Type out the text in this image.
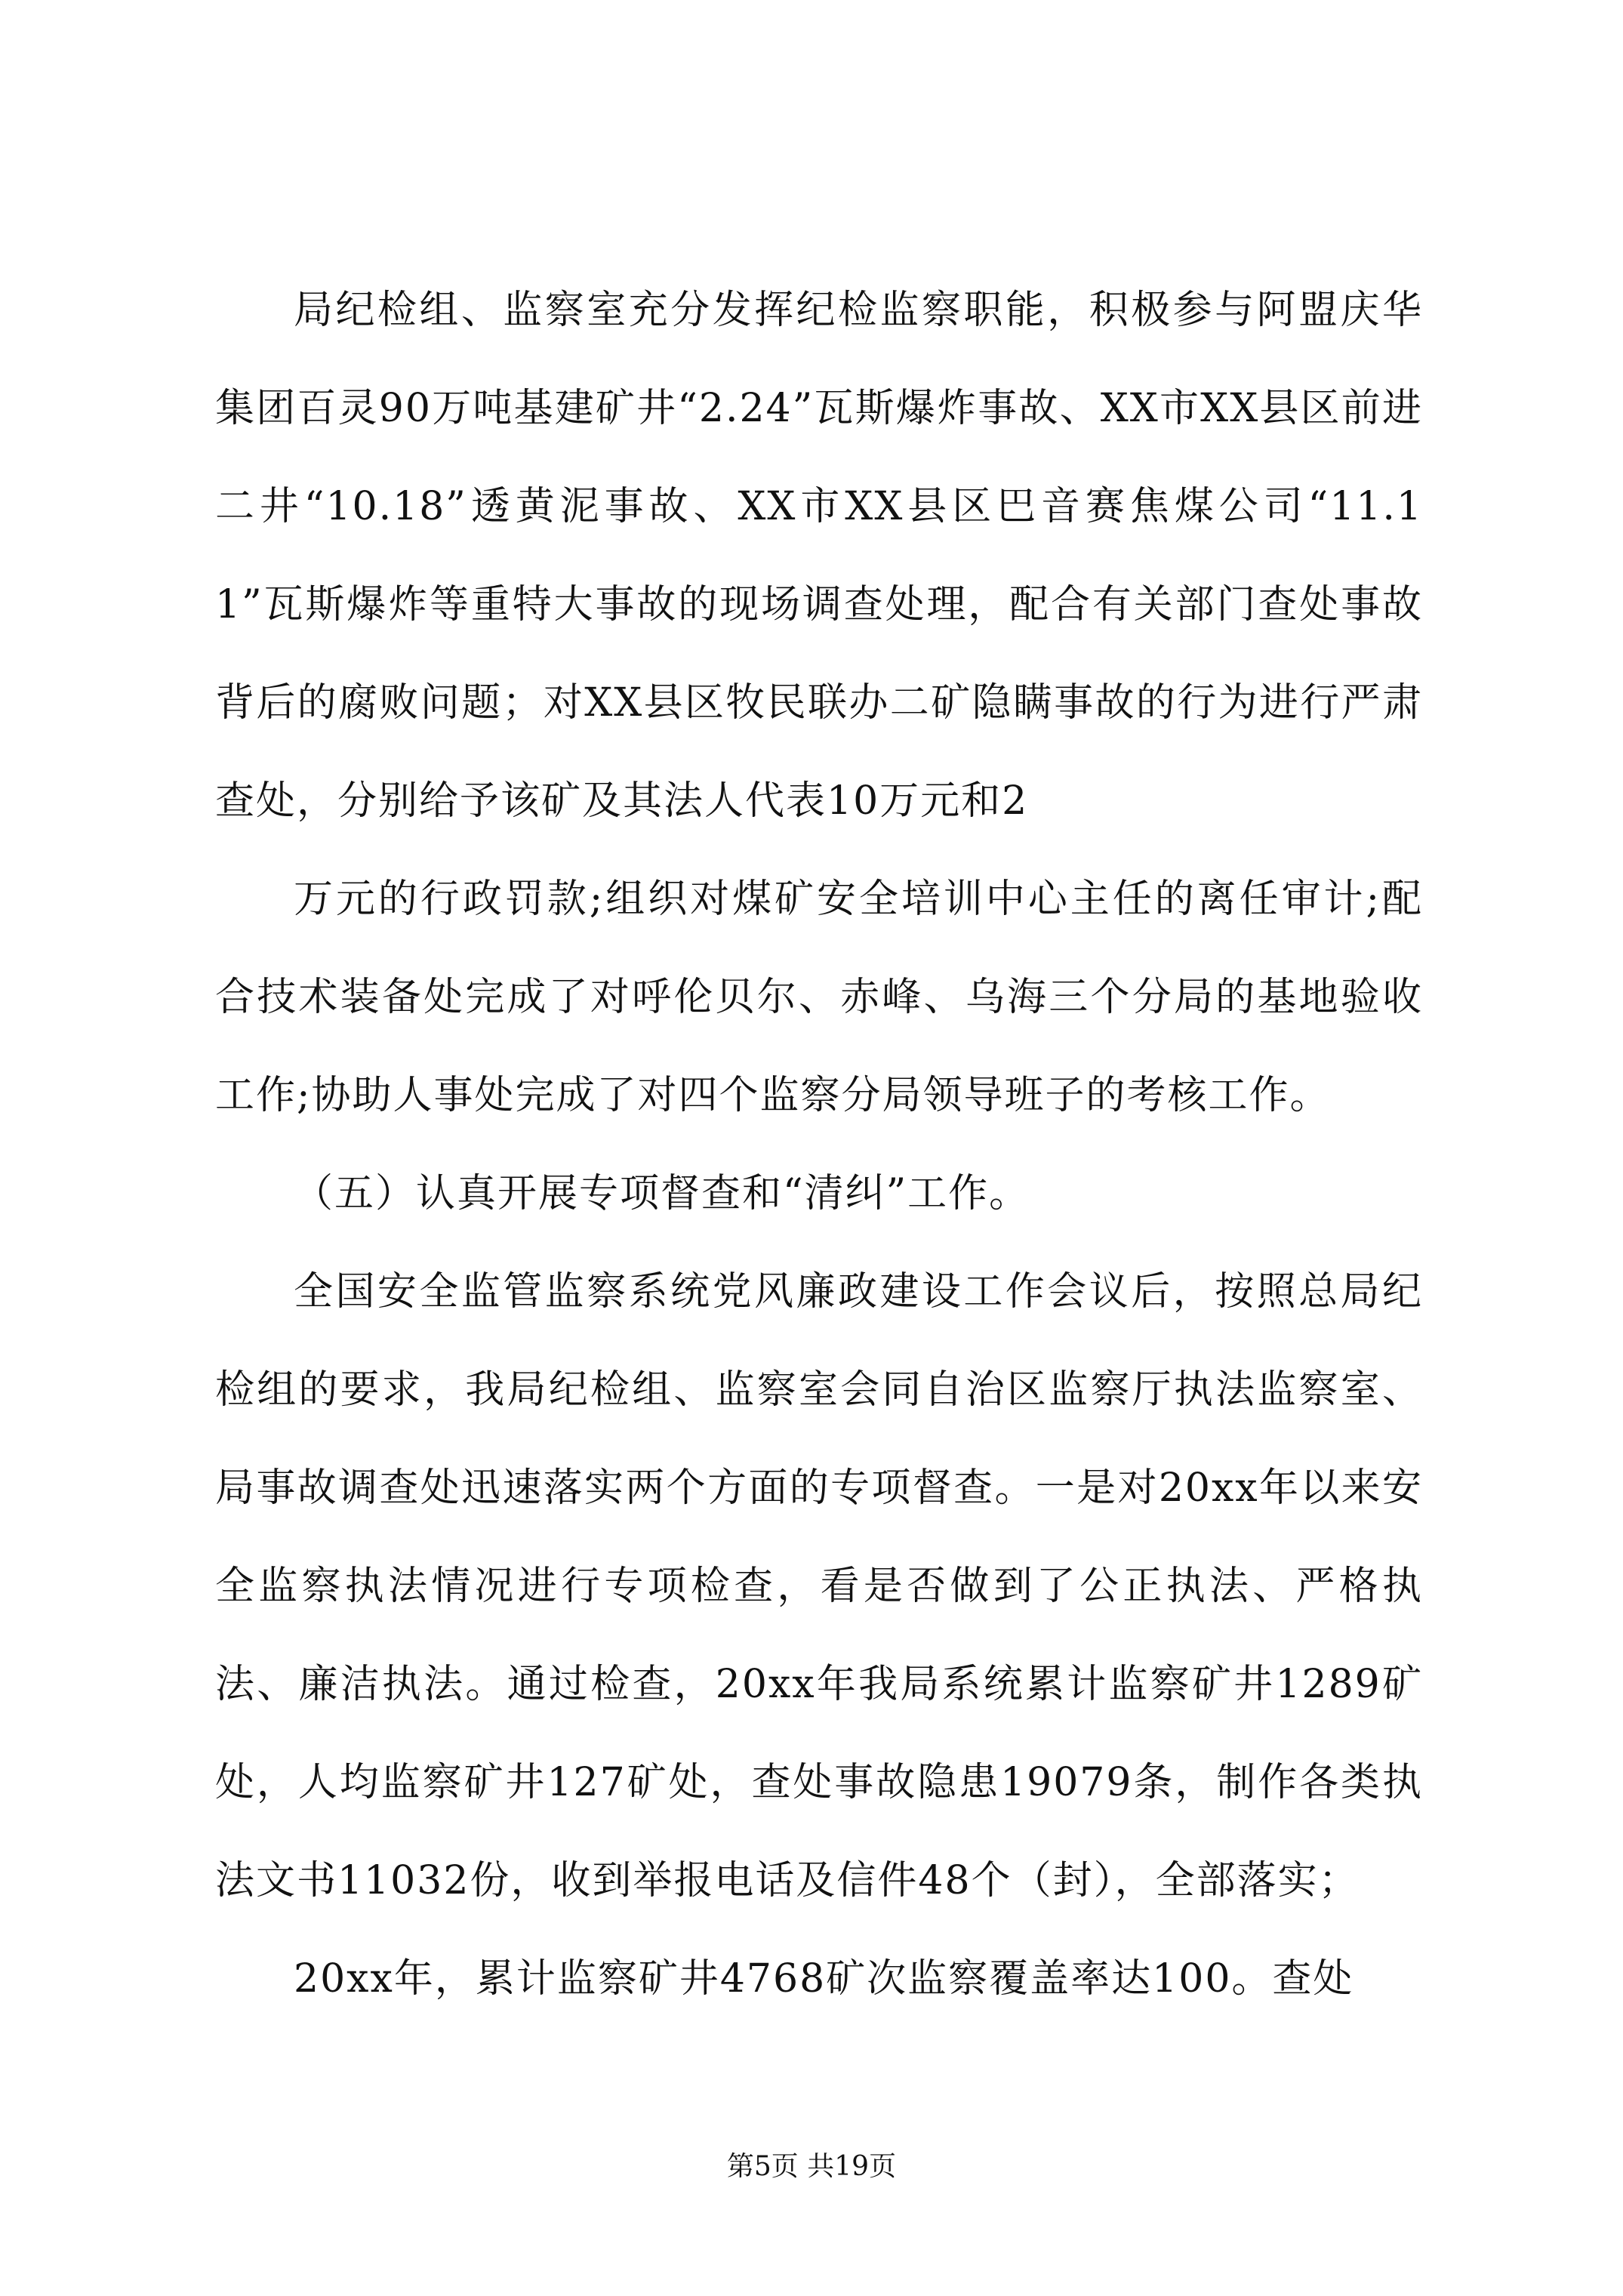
局纪检组、监察室充分发挥纪检监察职能，积极参与阿盟庆华集团百灵90万吨基建矿井“2.24”瓦斯爆炸事故、XX市XX县区前进二井“10.18”透黄泥事故、XX市XX县区巴音赛焦煤公司“11.11”瓦斯爆炸等重特大事故的现场调查处理，配合有关部门查处事故背后的腐败问题；对XX县区牧民联办二矿隐瞒事故的行为进行严肃查处，分别给予该矿及其法人代表10万元和2

万元的行政罚款;组织对煤矿安全培训中心主任的离任审计;配合技术装备处完成了对呼伦贝尔、赤峰、乌海三个分局的基地验收工作;协助人事处完成了对四个监察分局领导班子的考核工作。

（五）认真开展专项督查和“清纠”工作。

全国安全监管监察系统党风廉政建设工作会议后，按照总局纪检组的要求，我局纪检组、监察室会同自治区监察厅执法监察室、局事故调查处迅速落实两个方面的专项督查。一是对20xx年以来安全监察执法情况进行专项检查，看是否做到了公正执法、严格执法、廉洁执法。通过检查，20xx年我局系统累计监察矿井1289矿处，人均监察矿井127矿处，查处事故隐患19079条，制作各类执法文书11032份，收到举报电话及信件48个（封），全部落实；

20xx年，累计监察矿井4768矿次监察覆盖率达100。查处

第5页 共19页
